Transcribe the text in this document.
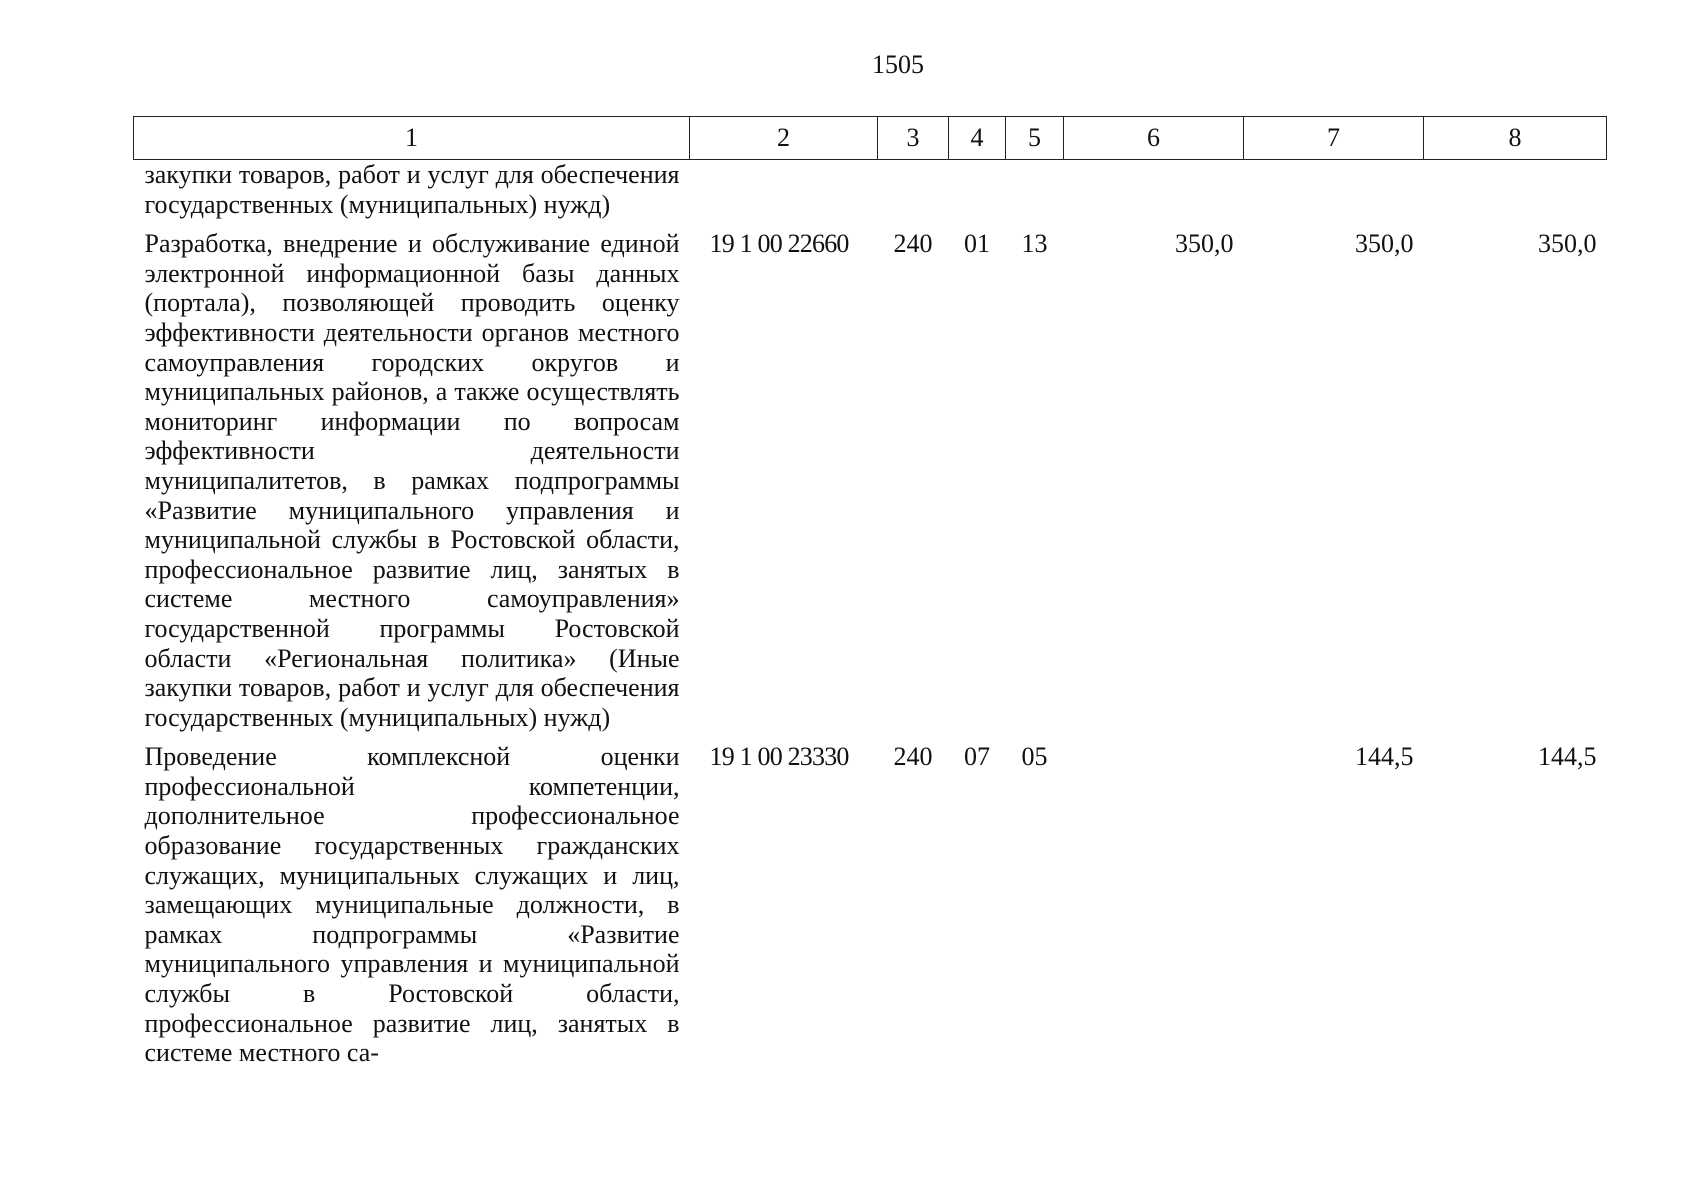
1505
1	2	3	4	5	6	7	8
закупки товаров, работ и услуг для обеспечения государственных (муниципальных) нужд)							
Разработка, внедрение и обслуживание единой электронной информационной базы данных (портала), позволяющей проводить оценку эффективности деятельности органов местного самоуправления городских округов и муниципальных районов, а также осуществлять мониторинг информации по вопросам эффективности деятельности муниципалитетов, в рамках подпрограммы «Развитие муниципального управления и муниципальной службы в Ростовской области, профессиональное развитие лиц, занятых в системе местного самоуправления» государственной программы Ростовской области «Региональная политика» (Иные закупки товаров, работ и услуг для обеспечения государственных (муниципальных) нужд)	19 1 00 22660	240	01	13	350,0	350,0	350,0
Проведение комплексной оценки профессиональной компетенции, дополнительное профессиональное образование государственных гражданских служащих, муниципальных служащих и лиц, замещающих муниципальные должности, в рамках подпрограммы «Развитие муниципального управления и муниципальной службы в Ростовской области, профессиональное развитие лиц, занятых в системе местного са-	19 1 00 23330	240	07	05		144,5	144,5
